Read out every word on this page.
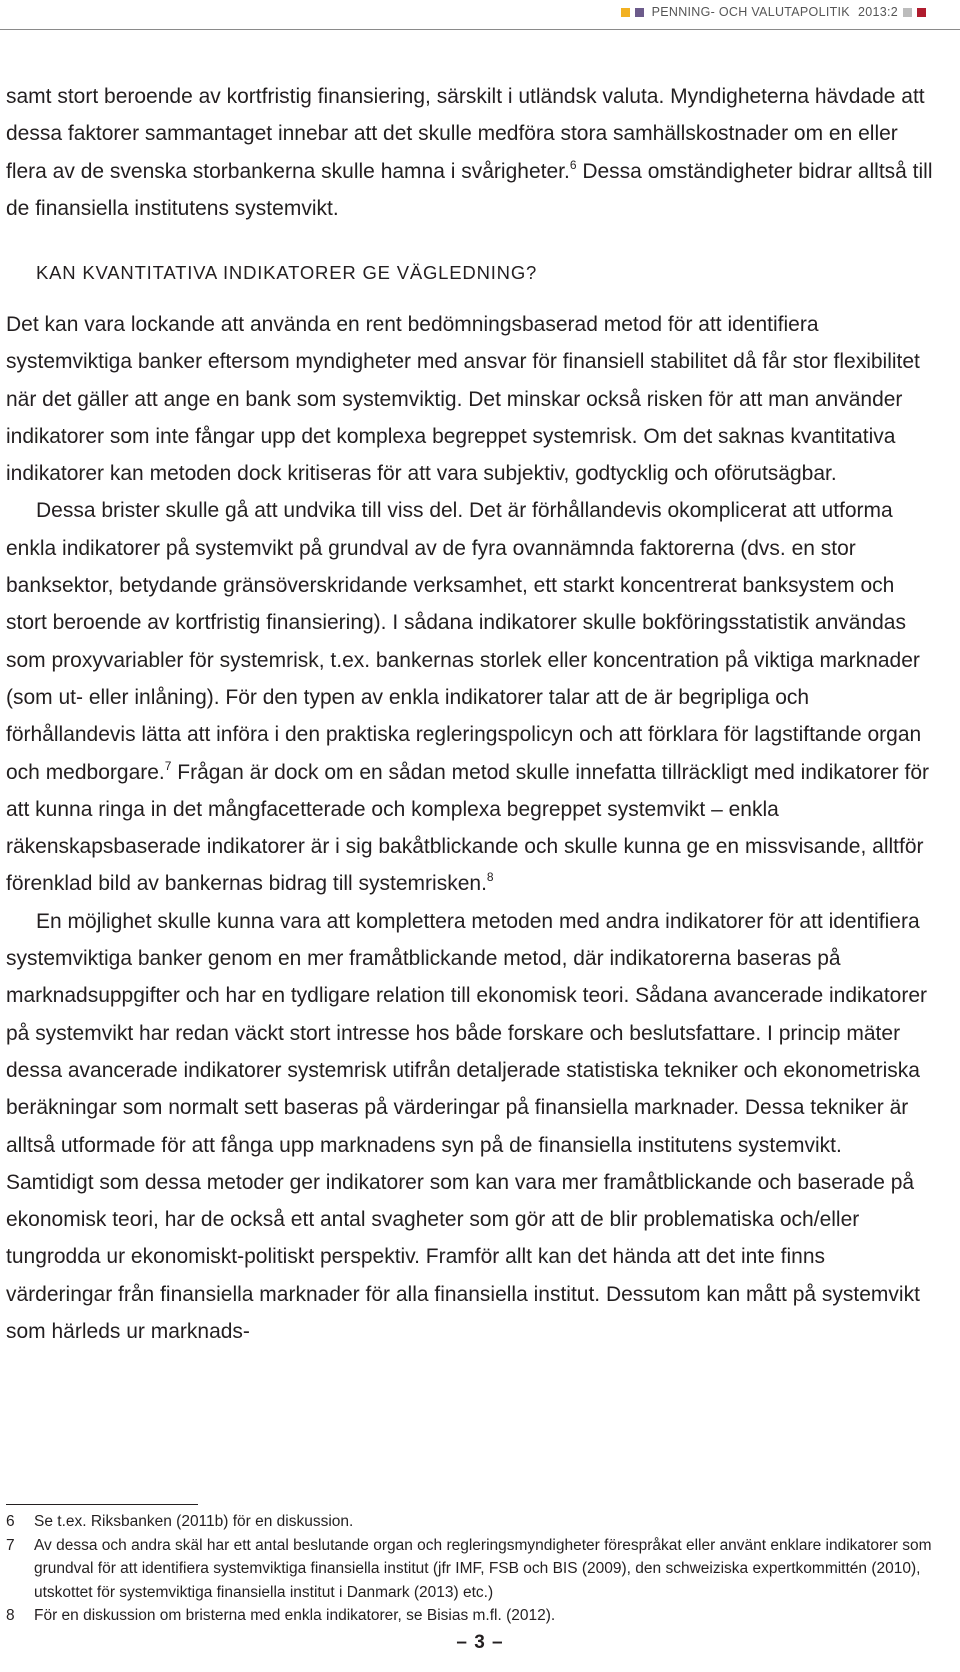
PENNING- OCH VALUTAPOLITIK 2013:2

samt stort beroende av kortfristig finansiering, särskilt i utländsk valuta. Myndigheterna hävdade att dessa faktorer sammantaget innebar att det skulle medföra stora samhällskostnader om en eller flera av de svenska storbankerna skulle hamna i svårigheter.$^6$ Dessa omständigheter bidrar alltså till de finansiella institutens systemvikt.

KAN KVANTITATIVA INDIKATORER GE VÄGLEDNING?

Det kan vara lockande att använda en rent bedömningsbaserad metod för att identifiera systemviktiga banker eftersom myndigheter med ansvar för finansiell stabilitet då får stor flexibilitet när det gäller att ange en bank som systemviktig. Det minskar också risken för att man använder indikatorer som inte fångar upp det komplexa begreppet systemrisk. Om det saknas kvantitativa indikatorer kan metoden dock kritiseras för att vara subjektiv, godtycklig och oförutsägbar.

Dessa brister skulle gå att undvika till viss del. Det är förhållandevis okomplicerat att utforma enkla indikatorer på systemvikt på grundval av de fyra ovannämnda faktorerna (dvs. en stor banksektor, betydande gränsöverskridande verksamhet, ett starkt koncentrerat banksystem och stort beroende av kortfristig finansiering). I sådana indikatorer skulle bokföringsstatistik användas som proxyvariabler för systemrisk, t.ex. bankernas storlek eller koncentration på viktiga marknader (som ut- eller inlåning). För den typen av enkla indikatorer talar att de är begripliga och förhållandevis lätta att införa i den praktiska regleringspolicyn och att förklara för lagstiftande organ och medborgare.$^7$ Frågan är dock om en sådan metod skulle innefatta tillräckligt med indikatorer för att kunna ringa in det mångfacetterade och komplexa begreppet systemvikt – enkla räkenskapsbaserade indikatorer är i sig bakåtblickande och skulle kunna ge en missvisande, alltför förenklad bild av bankernas bidrag till systemrisken.$^8$

En möjlighet skulle kunna vara att komplettera metoden med andra indikatorer för att identifiera systemviktiga banker genom en mer framåtblickande metod, där indikatorerna baseras på marknadsuppgifter och har en tydligare relation till ekonomisk teori. Sådana avancerade indikatorer på systemvikt har redan väckt stort intresse hos både forskare och beslutsfattare. I princip mäter dessa avancerade indikatorer systemrisk utifrån detaljerade statistiska tekniker och ekonometriska beräkningar som normalt sett baseras på värderingar på finansiella marknader. Dessa tekniker är alltså utformade för att fånga upp marknadens syn på de finansiella institutens systemvikt. Samtidigt som dessa metoder ger indikatorer som kan vara mer framåtblickande och baserade på ekonomisk teori, har de också ett antal svagheter som gör att de blir problematiska och/eller tungrodda ur ekonomiskt-politiskt perspektiv. Framför allt kan det hända att det inte finns värderingar från finansiella marknader för alla finansiella institut. Dessutom kan mått på systemvikt som härleds ur marknads-

6	Se t.ex. Riksbanken (2011b) för en diskussion.
7	Av dessa och andra skäl har ett antal beslutande organ och regleringsmyndigheter förespråkat eller använt enklare indikatorer som grundval för att identifiera systemviktiga finansiella institut (jfr IMF, FSB och BIS (2009), den schweiziska expertkommittén (2010), utskottet för systemviktiga finansiella institut i Danmark (2013) etc.)
8	För en diskussion om bristerna med enkla indikatorer, se Bisias m.fl. (2012).
– 3 –
